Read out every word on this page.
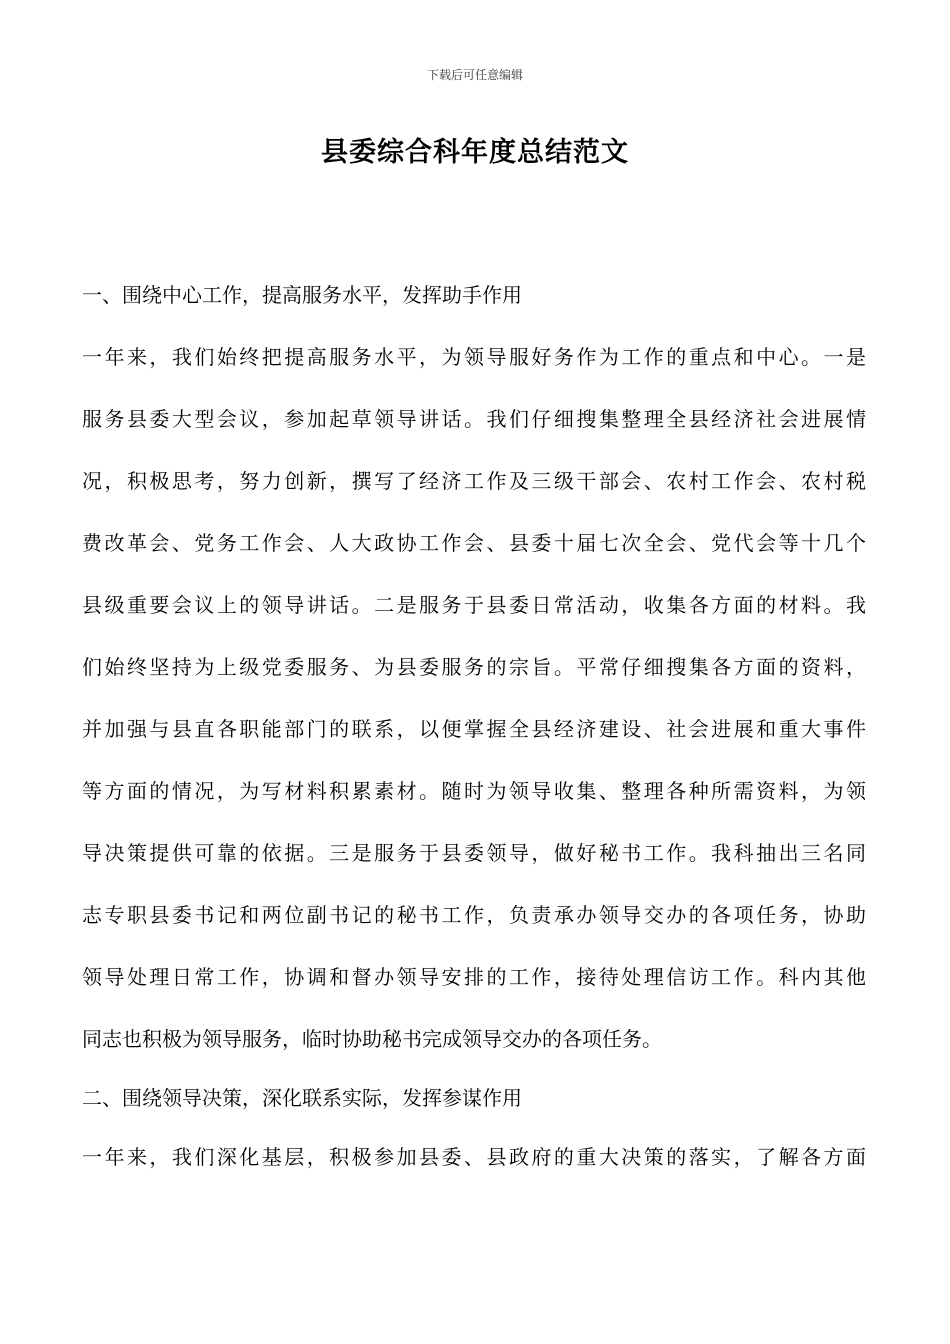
下载后可任意编辑
县委综合科年度总结范文
一、围绕中心工作，提高服务水平，发挥助手作用
一年来，我们始终把提高服务水平，为领导服好务作为工作的重点和中心。一是
服务县委大型会议，参加起草领导讲话。我们仔细搜集整理全县经济社会进展情
况，积极思考，努力创新，撰写了经济工作及三级干部会、农村工作会、农村税
费改革会、党务工作会、人大政协工作会、县委十届七次全会、党代会等十几个
县级重要会议上的领导讲话。二是服务于县委日常活动，收集各方面的材料。我
们始终坚持为上级党委服务、为县委服务的宗旨。平常仔细搜集各方面的资料，
并加强与县直各职能部门的联系，以便掌握全县经济建设、社会进展和重大事件
等方面的情况，为写材料积累素材。随时为领导收集、整理各种所需资料，为领
导决策提供可靠的依据。三是服务于县委领导，做好秘书工作。我科抽出三名同
志专职县委书记和两位副书记的秘书工作，负责承办领导交办的各项任务，协助
领导处理日常工作，协调和督办领导安排的工作，接待处理信访工作。科内其他
同志也积极为领导服务，临时协助秘书完成领导交办的各项任务。
二、围绕领导决策，深化联系实际，发挥参谋作用
一年来，我们深化基层，积极参加县委、县政府的重大决策的落实，了解各方面
